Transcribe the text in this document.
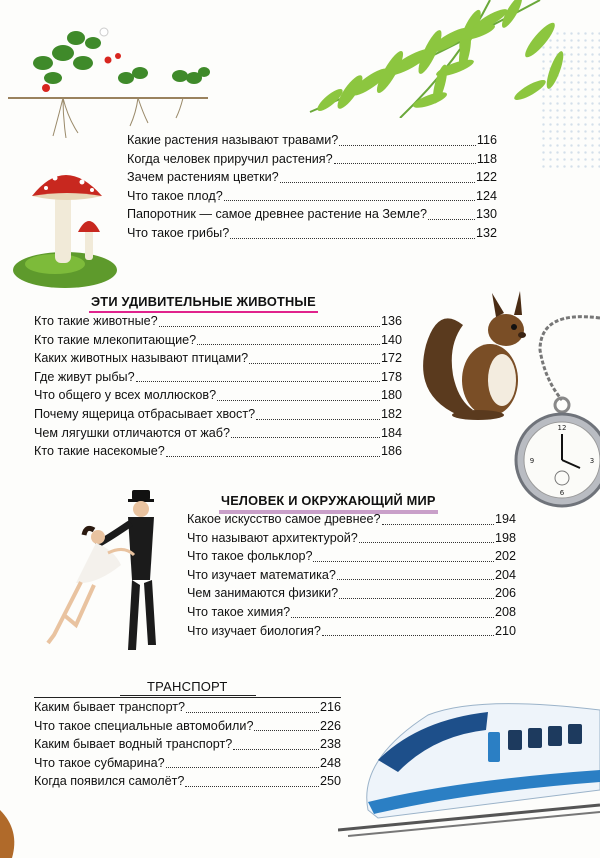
Какие растения называют травами?	116
Когда человек приручил растения?	118
Зачем растениям цветки?	122
Что такое плод?	124
Папоротник — самое древнее растение на Земле?	130
Что такое грибы?	132
ЭТИ УДИВИТЕЛЬНЫЕ ЖИВОТНЫЕ
Кто такие животные?	136
Кто такие млекопитающие?	140
Каких животных называют птицами?	172
Где живут рыбы?	178
Что общего у всех моллюсков?	180
Почему ящерица отбрасывает хвост?	182
Чем лягушки отличаются от жаб?	184
Кто такие насекомые?	186
12
3
6
9
ЧЕЛОВЕК И ОКРУЖАЮЩИЙ МИР
Какое искусство самое древнее?	194
Что называют архитектурой?	198
Что такое фольклор?	202
Что изучает математика?	204
Чем занимаются физики?	206
Что такое химия?	208
Что изучает биология?	210
ТРАНСПОРТ
Каким бывает транспорт?	216
Что такое специальные автомобили?	226
Каким бывает водный транспорт?	238
Что такое субмарина?	248
Когда появился самолёт?	250
